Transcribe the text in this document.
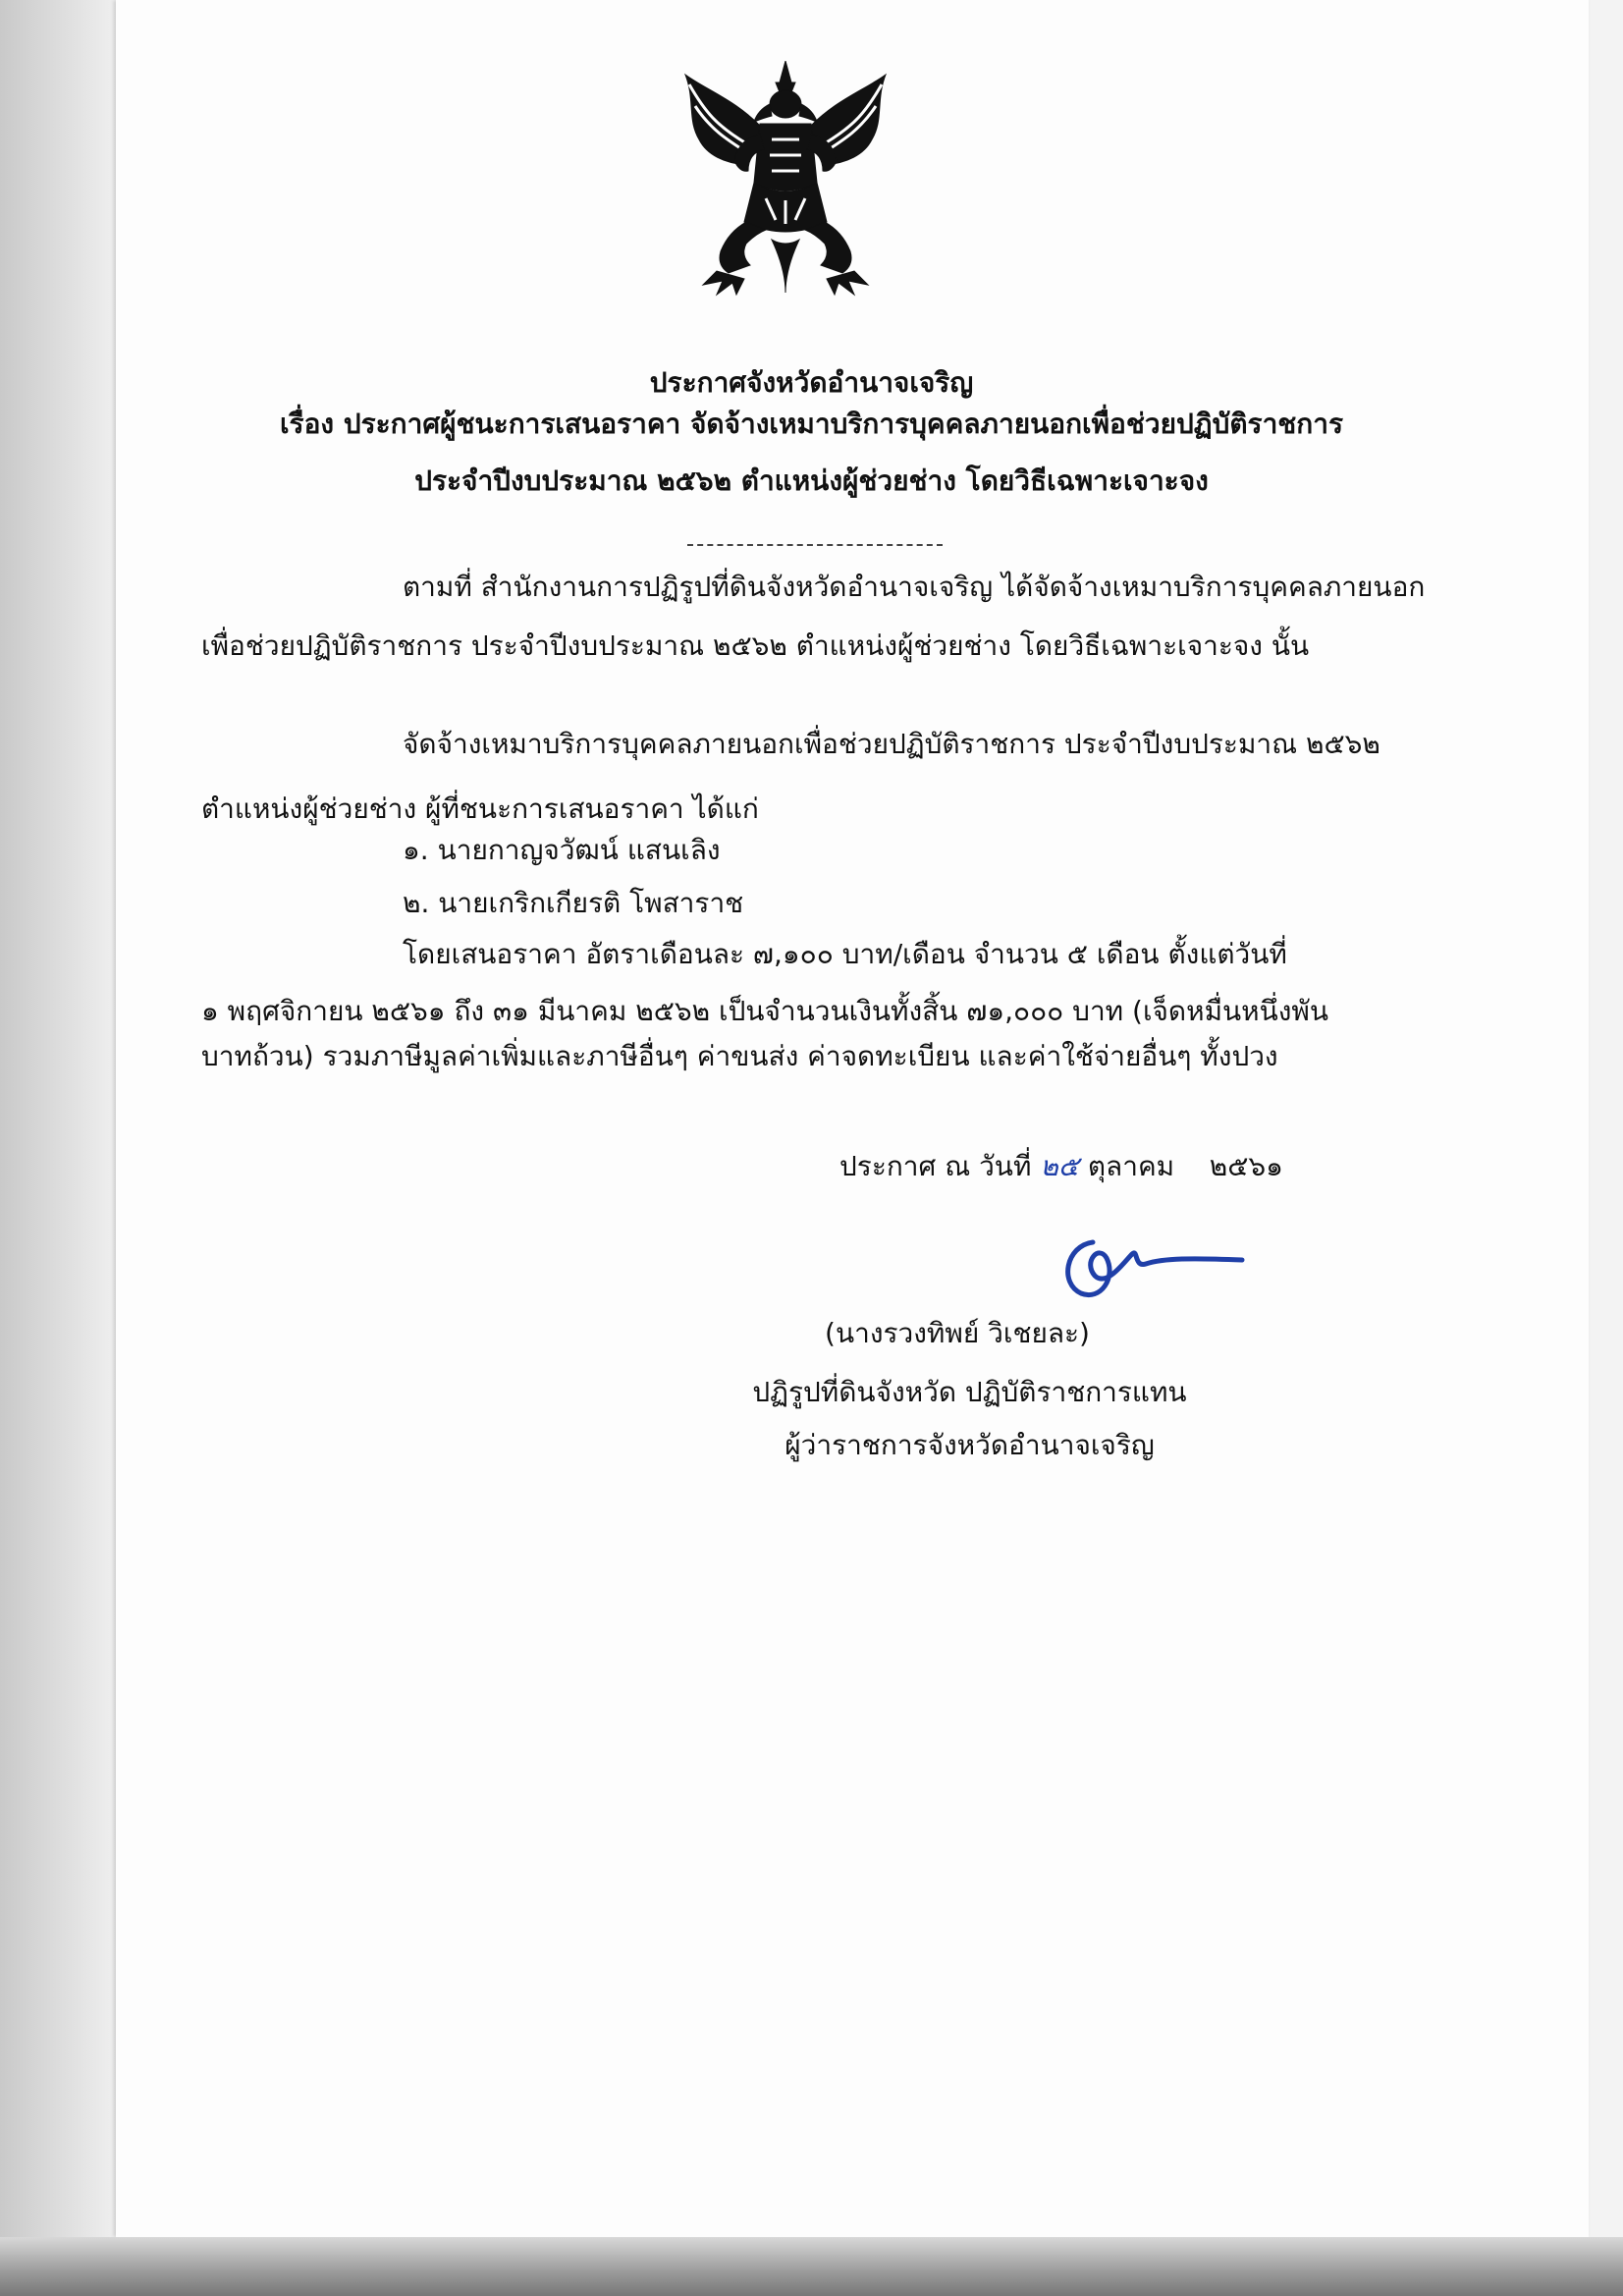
ประกาศจังหวัดอำนาจเจริญ
เรื่อง ประกาศผู้ชนะการเสนอราคา จัดจ้างเหมาบริการบุคคลภายนอกเพื่อช่วยปฏิบัติราชการ
ประจำปีงบประมาณ ๒๕๖๒ ตำแหน่งผู้ช่วยช่าง โดยวิธีเฉพาะเจาะจง
ตามที่ สำนักงานการปฏิรูปที่ดินจังหวัดอำนาจเจริญ ได้จัดจ้างเหมาบริการบุคคลภายนอก
เพื่อช่วยปฏิบัติราชการ ประจำปีงบประมาณ ๒๕๖๒ ตำแหน่งผู้ช่วยช่าง โดยวิธีเฉพาะเจาะจง นั้น
จัดจ้างเหมาบริการบุคคลภายนอกเพื่อช่วยปฏิบัติราชการ ประจำปีงบประมาณ ๒๕๖๒
ตำแหน่งผู้ช่วยช่าง ผู้ที่ชนะการเสนอราคา ได้แก่
๑. นายกาญจวัฒน์ แสนเลิง
๒. นายเกริกเกียรติ โพสาราช
โดยเสนอราคา อัตราเดือนละ ๗,๑๐๐ บาท/เดือน จำนวน ๕ เดือน ตั้งแต่วันที่
๑ พฤศจิกายน ๒๕๖๑ ถึง ๓๑ มีนาคม ๒๕๖๒ เป็นจำนวนเงินทั้งสิ้น ๗๑,๐๐๐ บาท (เจ็ดหมื่นหนึ่งพัน
บาทถ้วน) รวมภาษีมูลค่าเพิ่มและภาษีอื่นๆ ค่าขนส่ง ค่าจดทะเบียน และค่าใช้จ่ายอื่นๆ ทั้งปวง
ประกาศ ณ วันที่ ๒๕ ตุลาคม ๒๕๖๑
(นางรวงทิพย์ วิเชยละ)
ปฏิรูปที่ดินจังหวัด ปฏิบัติราชการแทน
ผู้ว่าราชการจังหวัดอำนาจเจริญ
